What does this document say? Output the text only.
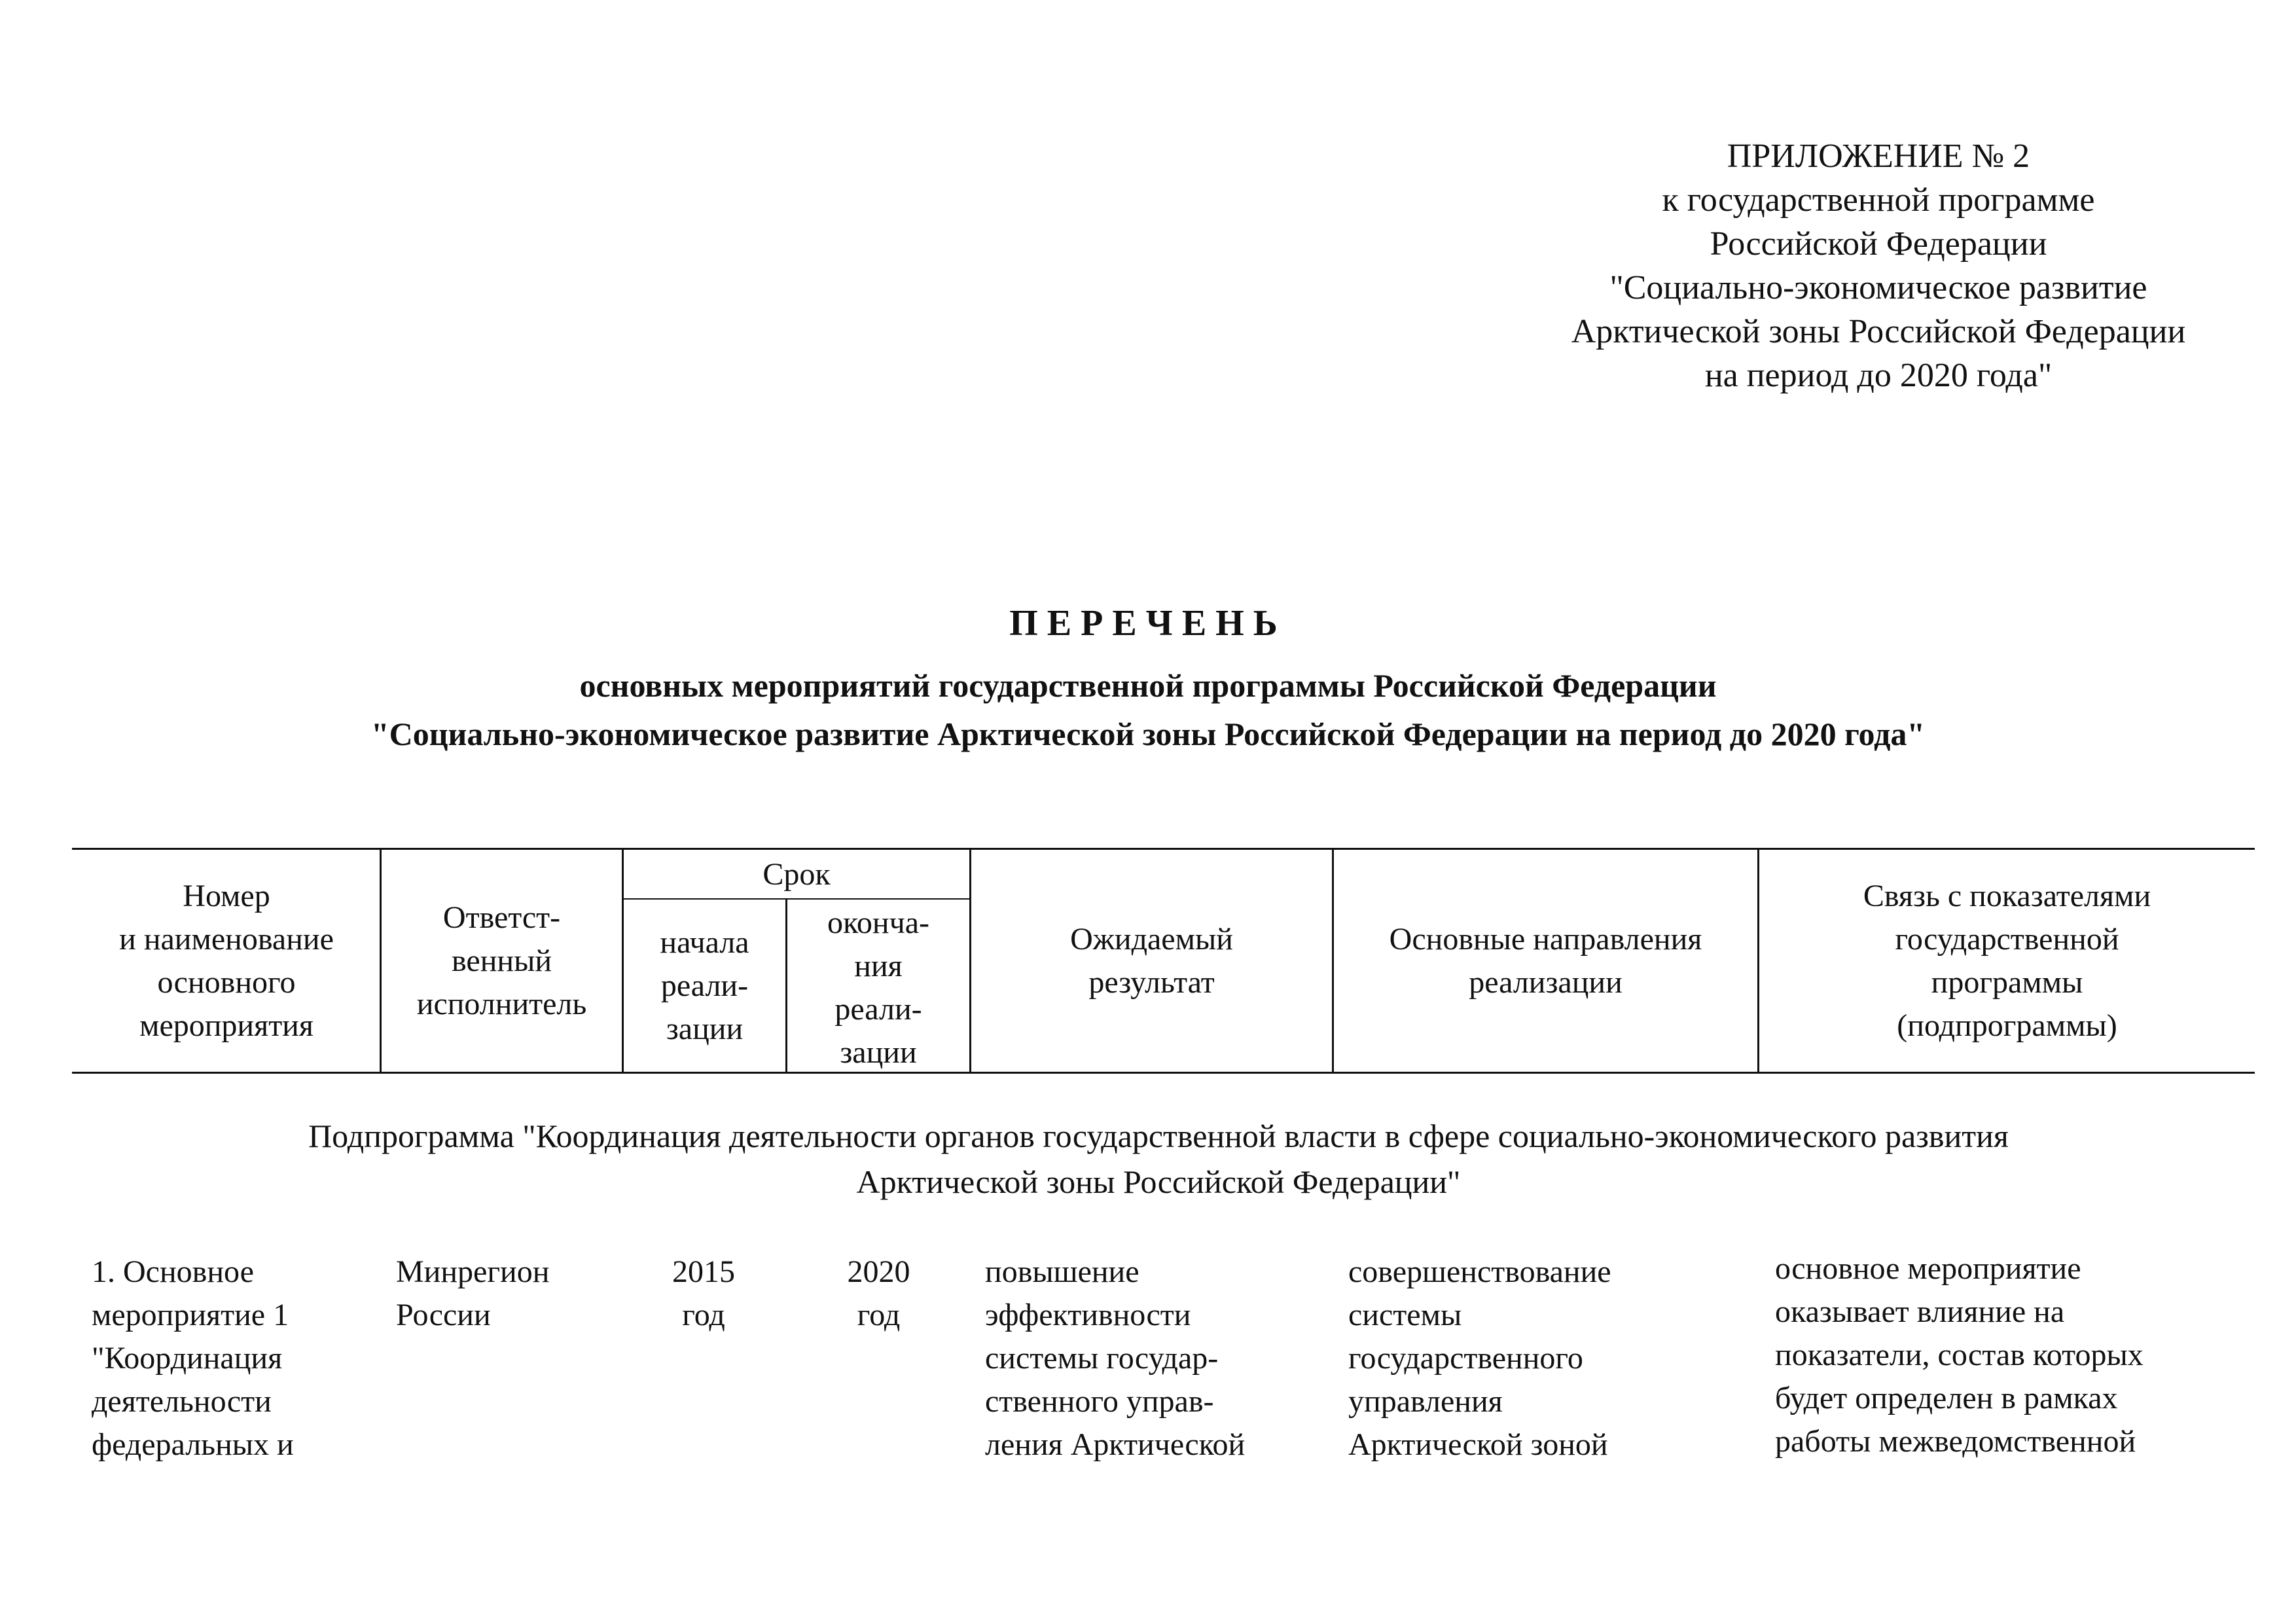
ПРИЛОЖЕНИЕ № 2
к государственной программе
Российской Федерации
"Социально-экономическое развитие
Арктической зоны Российской Федерации
на период до 2020 года"
ПЕРЕЧЕНЬ
основных мероприятий государственной программы Российской Федерации
"Социально-экономическое развитие Арктической зоны Российской Федерации на период до 2020 года"
Номер
и наименование
основного
мероприятия
Ответст-
венный
исполнитель
Срок
начала
реали-
зации
оконча-
ния
реали-
зации
Ожидаемый
результат
Основные направления
реализации
Связь с показателями
государственной
программы
(подпрограммы)
Подпрограмма "Координация деятельности органов государственной власти в сфере социально-экономического развития
Арктической зоны Российской Федерации"
1. Основное
мероприятие 1
"Координация
деятельности
федеральных и
Минрегион
России
2015
год
2020
год
повышение
эффективности
системы государ-
ственного управ-
ления Арктической
совершенствование
системы
государственного
управления
Арктической зоной
основное мероприятие
оказывает влияние на
показатели, состав которых
будет определен в рамках
работы межведомственной
